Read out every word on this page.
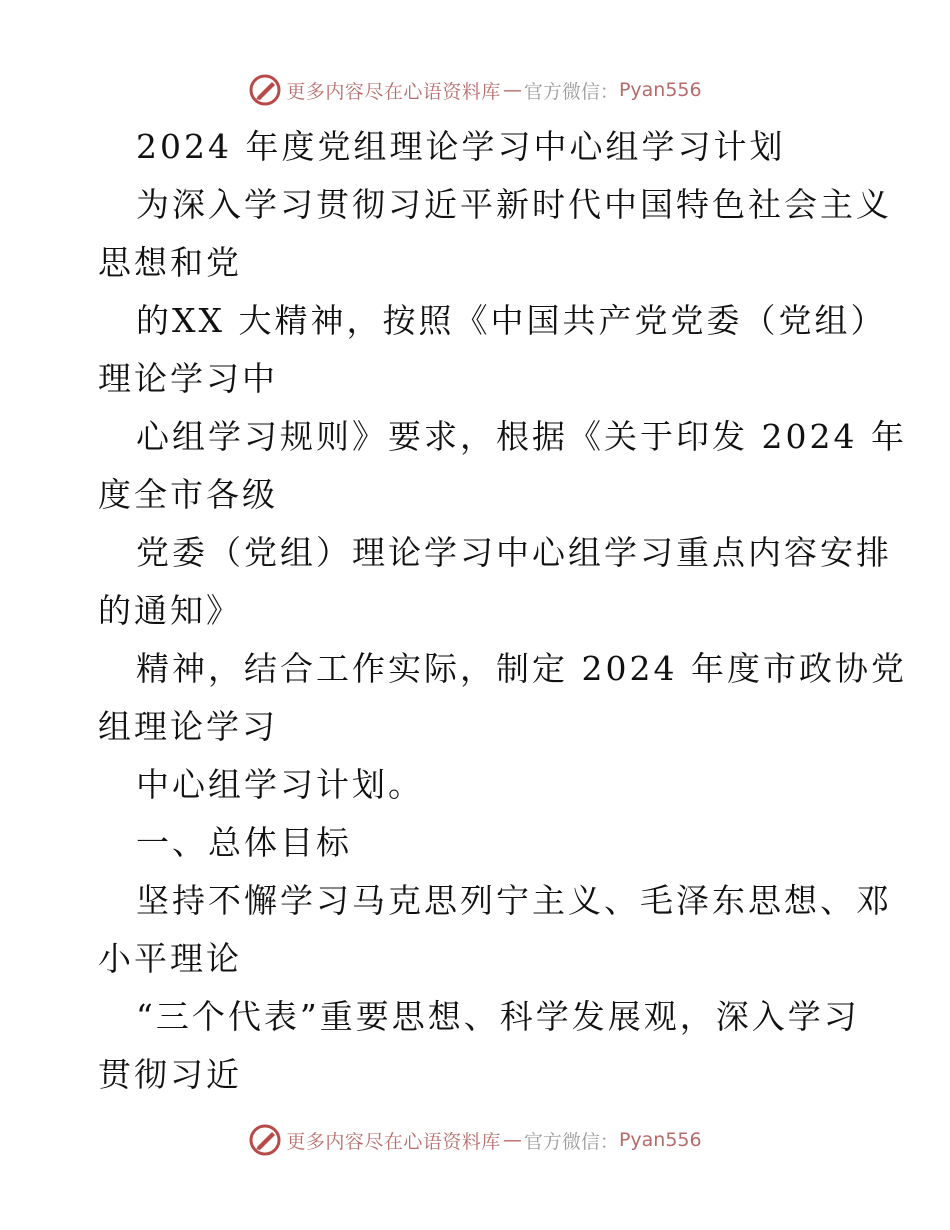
更多内容尽在心语资料库 — 官方微信： Pyan556
2024 年度党组理论学习中心组学习计划
为深入学习贯彻习近平新时代中国特色社会主义
思想和党
的XX 大精神，按照《中国共产党党委（党组）
理论学习中
心组学习规则》要求，根据《关于印发 2024 年
度全市各级
党委（党组）理论学习中心组学习重点内容安排
的通知》
精神，结合工作实际，制定 2024 年度市政协党
组理论学习
中心组学习计划。
一、总体目标
坚持不懈学习马克思列宁主义、毛泽东思想、邓
小平理论
“三个代表”重要思想、科学发展观，深入学习
贯彻习近
更多内容尽在心语资料库 — 官方微信： Pyan556
